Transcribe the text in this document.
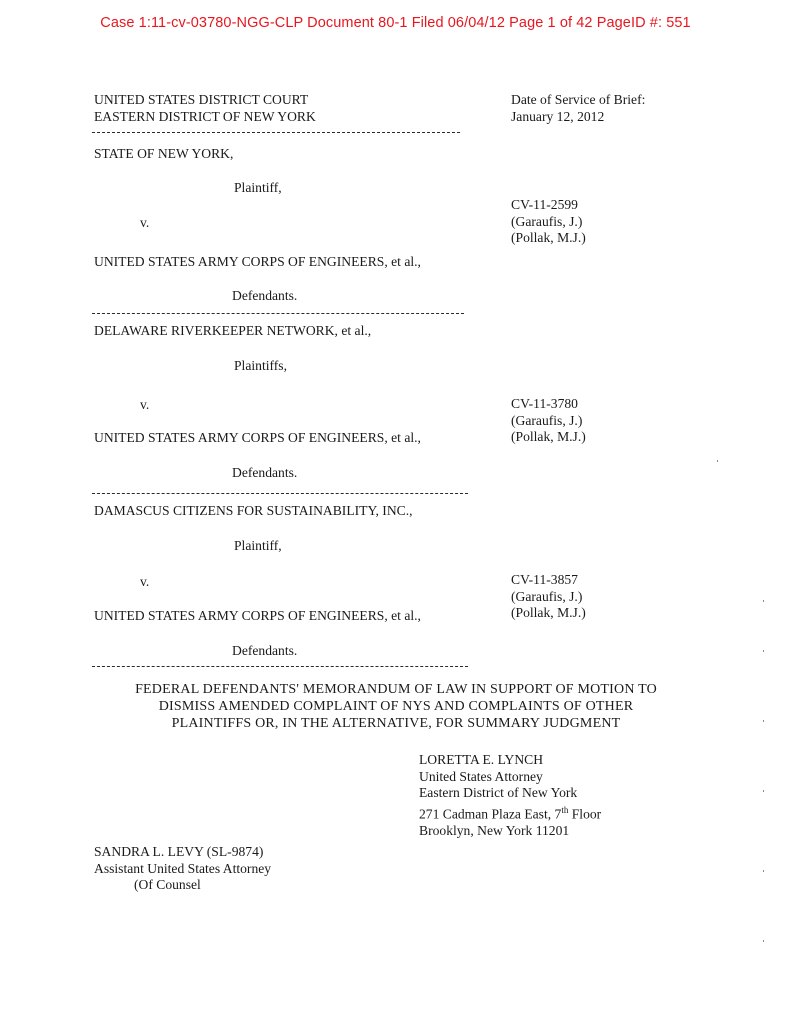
Case 1:11-cv-03780-NGG-CLP Document 80-1 Filed 06/04/12 Page 1 of 42 PageID #: 551
UNITED STATES DISTRICT COURT
EASTERN DISTRICT OF NEW YORK
Date of Service of Brief:
January 12, 2012
STATE OF NEW YORK,
Plaintiff,
v.
CV-11-2599
(Garaufis, J.)
(Pollak, M.J.)
UNITED STATES ARMY CORPS OF ENGINEERS, et al.,
Defendants.
DELAWARE RIVERKEEPER NETWORK, et al.,
Plaintiffs,
v.	CV-11-3780
(Garaufis, J.)
(Pollak, M.J.)
UNITED STATES ARMY CORPS OF ENGINEERS, et al.,
Defendants.
DAMASCUS CITIZENS FOR SUSTAINABILITY, INC.,
Plaintiff,
v.	CV-11-3857
(Garaufis, J.)
(Pollak, M.J.)
UNITED STATES ARMY CORPS OF ENGINEERS, et al.,
Defendants.
FEDERAL DEFENDANTS' MEMORANDUM OF LAW IN SUPPORT OF MOTION TO
DISMISS AMENDED COMPLAINT OF NYS AND COMPLAINTS OF OTHER
PLAINTIFFS OR, IN THE ALTERNATIVE, FOR SUMMARY JUDGMENT
LORETTA E. LYNCH
United States Attorney
Eastern District of New York
271 Cadman Plaza East, 7th Floor
Brooklyn, New York 11201
SANDRA L. LEVY (SL-9874)
Assistant United States Attorney
(Of Counsel
